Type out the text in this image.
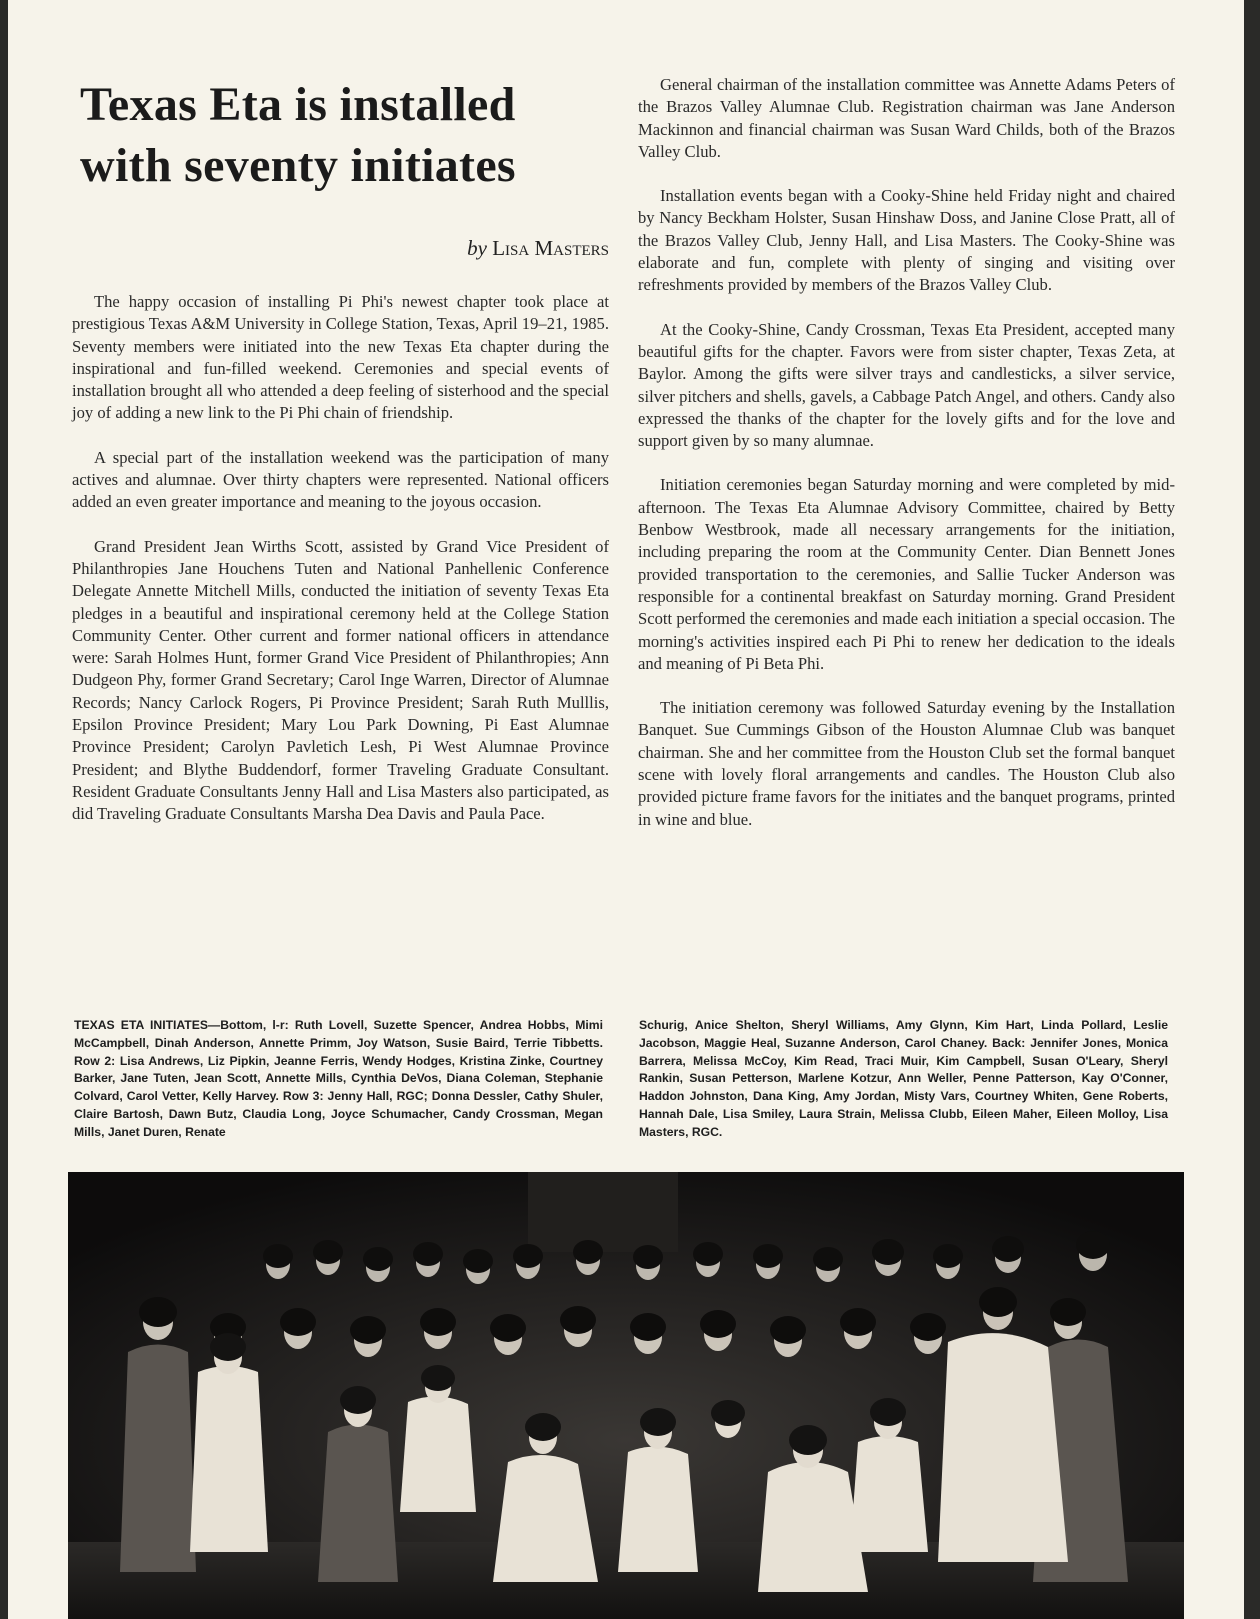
Texas Eta is installed with seventy initiates
by Lisa Masters

The happy occasion of installing Pi Phi's newest chapter took place at prestigious Texas A&M University in College Station, Texas, April 19–21, 1985. Seventy members were initiated into the new Texas Eta chapter during the inspirational and fun-filled weekend. Ceremonies and special events of installation brought all who attended a deep feeling of sisterhood and the special joy of adding a new link to the Pi Phi chain of friendship.

A special part of the installation weekend was the participation of many actives and alumnae. Over thirty chapters were represented. National officers added an even greater importance and meaning to the joyous occasion.

Grand President Jean Wirths Scott, assisted by Grand Vice President of Philanthropies Jane Houchens Tuten and National Panhellenic Conference Delegate Annette Mitchell Mills, conducted the initiation of seventy Texas Eta pledges in a beautiful and inspirational ceremony held at the College Station Community Center. Other current and former national officers in attendance were: Sarah Holmes Hunt, former Grand Vice President of Philanthropies; Ann Dudgeon Phy, former Grand Secretary; Carol Inge Warren, Director of Alumnae Records; Nancy Carlock Rogers, Pi Province President; Sarah Ruth Mulllis, Epsilon Province President; Mary Lou Park Downing, Pi East Alumnae Province President; Carolyn Pavletich Lesh, Pi West Alumnae Province President; and Blythe Buddendorf, former Traveling Graduate Consultant. Resident Graduate Consultants Jenny Hall and Lisa Masters also participated, as did Traveling Graduate Consultants Marsha Dea Davis and Paula Pace.

General chairman of the installation committee was Annette Adams Peters of the Brazos Valley Alumnae Club. Registration chairman was Jane Anderson Mackinnon and financial chairman was Susan Ward Childs, both of the Brazos Valley Club.

Installation events began with a Cooky-Shine held Friday night and chaired by Nancy Beckham Holster, Susan Hinshaw Doss, and Janine Close Pratt, all of the Brazos Valley Club, Jenny Hall, and Lisa Masters. The Cooky-Shine was elaborate and fun, complete with plenty of singing and visiting over refreshments provided by members of the Brazos Valley Club.

At the Cooky-Shine, Candy Crossman, Texas Eta President, accepted many beautiful gifts for the chapter. Favors were from sister chapter, Texas Zeta, at Baylor. Among the gifts were silver trays and candlesticks, a silver service, silver pitchers and shells, gavels, a Cabbage Patch Angel, and others. Candy also expressed the thanks of the chapter for the lovely gifts and for the love and support given by so many alumnae.

Initiation ceremonies began Saturday morning and were completed by mid-afternoon. The Texas Eta Alumnae Advisory Committee, chaired by Betty Benbow Westbrook, made all necessary arrangements for the initiation, including preparing the room at the Community Center. Dian Bennett Jones provided transportation to the ceremonies, and Sallie Tucker Anderson was responsible for a continental breakfast on Saturday morning. Grand President Scott performed the ceremonies and made each initiation a special occasion. The morning's activities inspired each Pi Phi to renew her dedication to the ideals and meaning of Pi Beta Phi.

The initiation ceremony was followed Saturday evening by the Installation Banquet. Sue Cummings Gibson of the Houston Alumnae Club was banquet chairman. She and her committee from the Houston Club set the formal banquet scene with lovely floral arrangements and candles. The Houston Club also provided picture frame favors for the initiates and the banquet programs, printed in wine and blue.

TEXAS ETA INITIATES—Bottom, l-r: Ruth Lovell, Suzette Spencer, Andrea Hobbs, Mimi McCampbell, Dinah Anderson, Annette Primm, Joy Watson, Susie Baird, Terrie Tibbetts. Row 2: Lisa Andrews, Liz Pipkin, Jeanne Ferris, Wendy Hodges, Kristina Zinke, Courtney Barker, Jane Tuten, Jean Scott, Annette Mills, Cynthia DeVos, Diana Coleman, Stephanie Colvard, Carol Vetter, Kelly Harvey. Row 3: Jenny Hall, RGC; Donna Dessler, Cathy Shuler, Claire Bartosh, Dawn Butz, Claudia Long, Joyce Schumacher, Candy Crossman, Megan Mills, Janet Duren, Renate
Schurig, Anice Shelton, Sheryl Williams, Amy Glynn, Kim Hart, Linda Pollard, Leslie Jacobson, Maggie Heal, Suzanne Anderson, Carol Chaney. Back: Jennifer Jones, Monica Barrera, Melissa McCoy, Kim Read, Traci Muir, Kim Campbell, Susan O'Leary, Sheryl Rankin, Susan Petterson, Marlene Kotzur, Ann Weller, Penne Patterson, Kay O'Conner, Haddon Johnston, Dana King, Amy Jordan, Misty Vars, Courtney Whiten, Gene Roberts, Hannah Dale, Lisa Smiley, Laura Strain, Melissa Clubb, Eileen Maher, Eileen Molloy, Lisa Masters, RGC.
